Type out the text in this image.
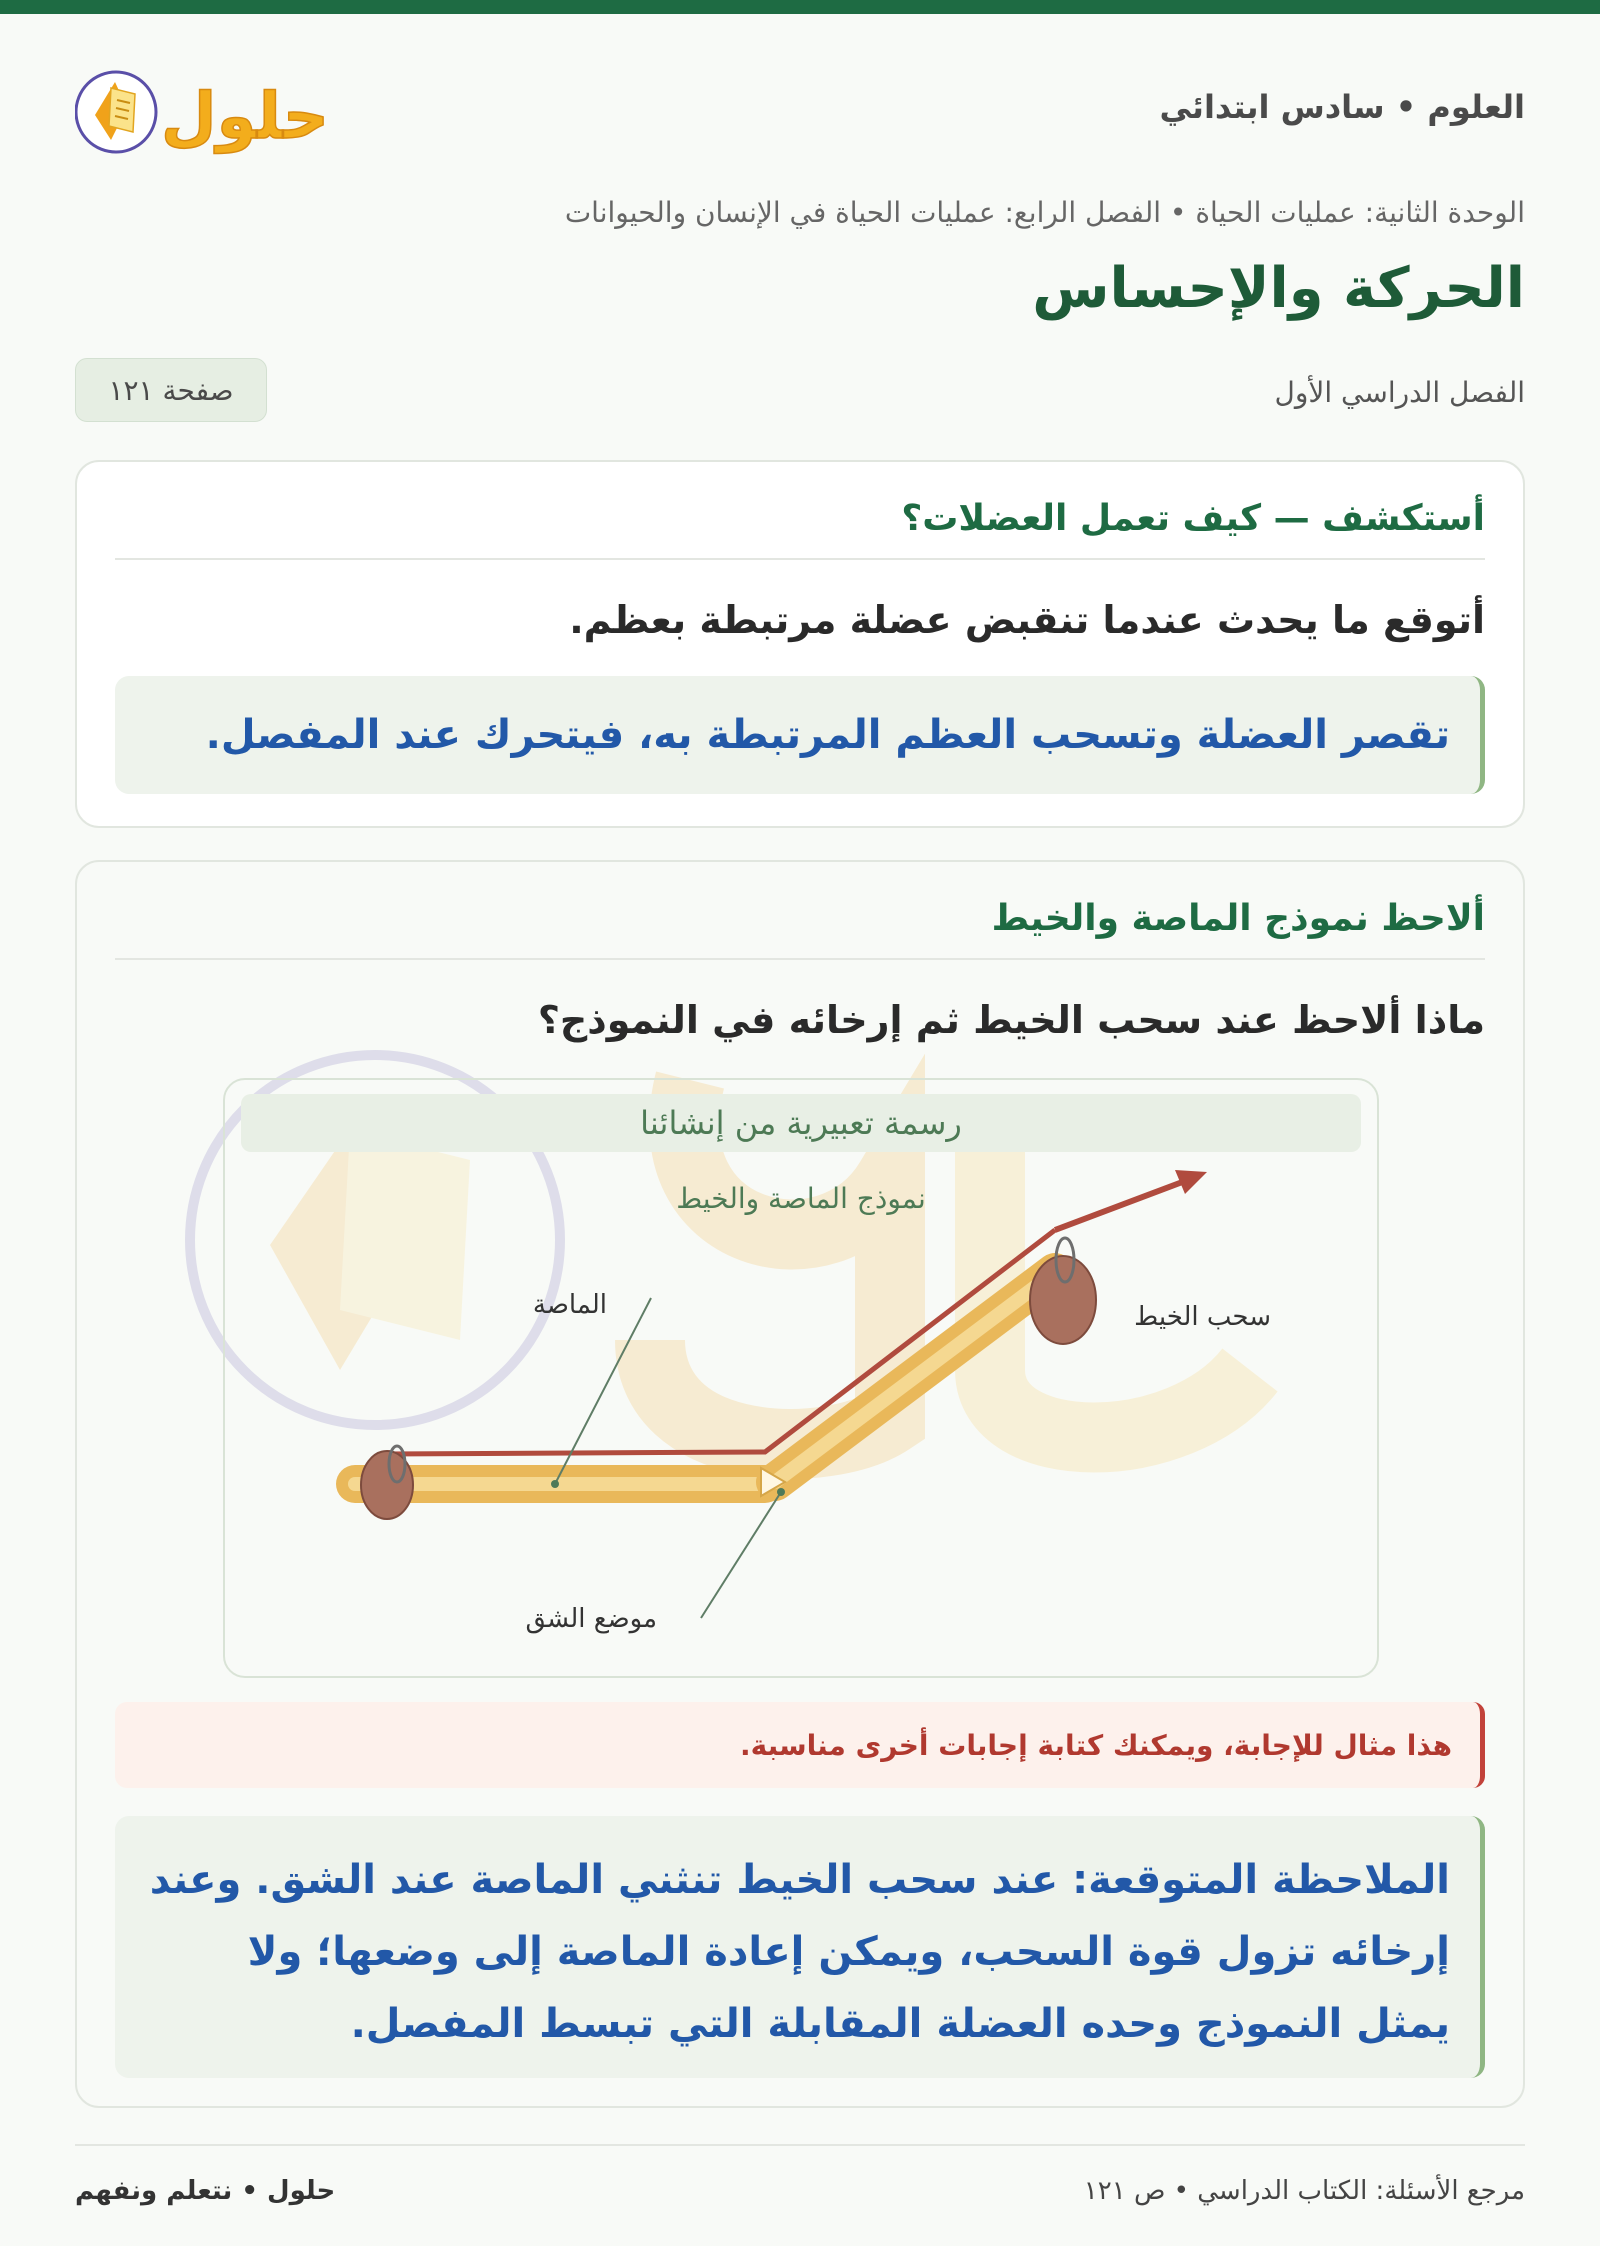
العلوم • سادس ابتدائي
حلول
الوحدة الثانية: عمليات الحياة • الفصل الرابع: عمليات الحياة في الإنسان والحيوانات
الحركة والإحساس
الفصل الدراسي الأول
صفحة ١٢١
أستكشف — كيف تعمل العضلات؟
أتوقع ما يحدث عندما تنقبض عضلة مرتبطة بعظم.
تقصر العضلة وتسحب العظم المرتبطة به، فيتحرك عند المفصل.
ألاحظ نموذج الماصة والخيط
ماذا ألاحظ عند سحب الخيط ثم إرخائه في النموذج؟
رسمة تعبيرية من إنشائنا
نموذج الماصة والخيط
الماصة	سحب الخيط
موضع الشق
هذا مثال للإجابة، ويمكنك كتابة إجابات أخرى مناسبة.
الملاحظة المتوقعة: عند سحب الخيط تنثني الماصة عند الشق. وعند إرخائه تزول قوة السحب، ويمكن إعادة الماصة إلى وضعها؛ ولا يمثل النموذج وحده العضلة المقابلة التي تبسط المفصل.
مرجع الأسئلة: الكتاب الدراسي • ص ١٢١
حلول • نتعلم ونفهم
